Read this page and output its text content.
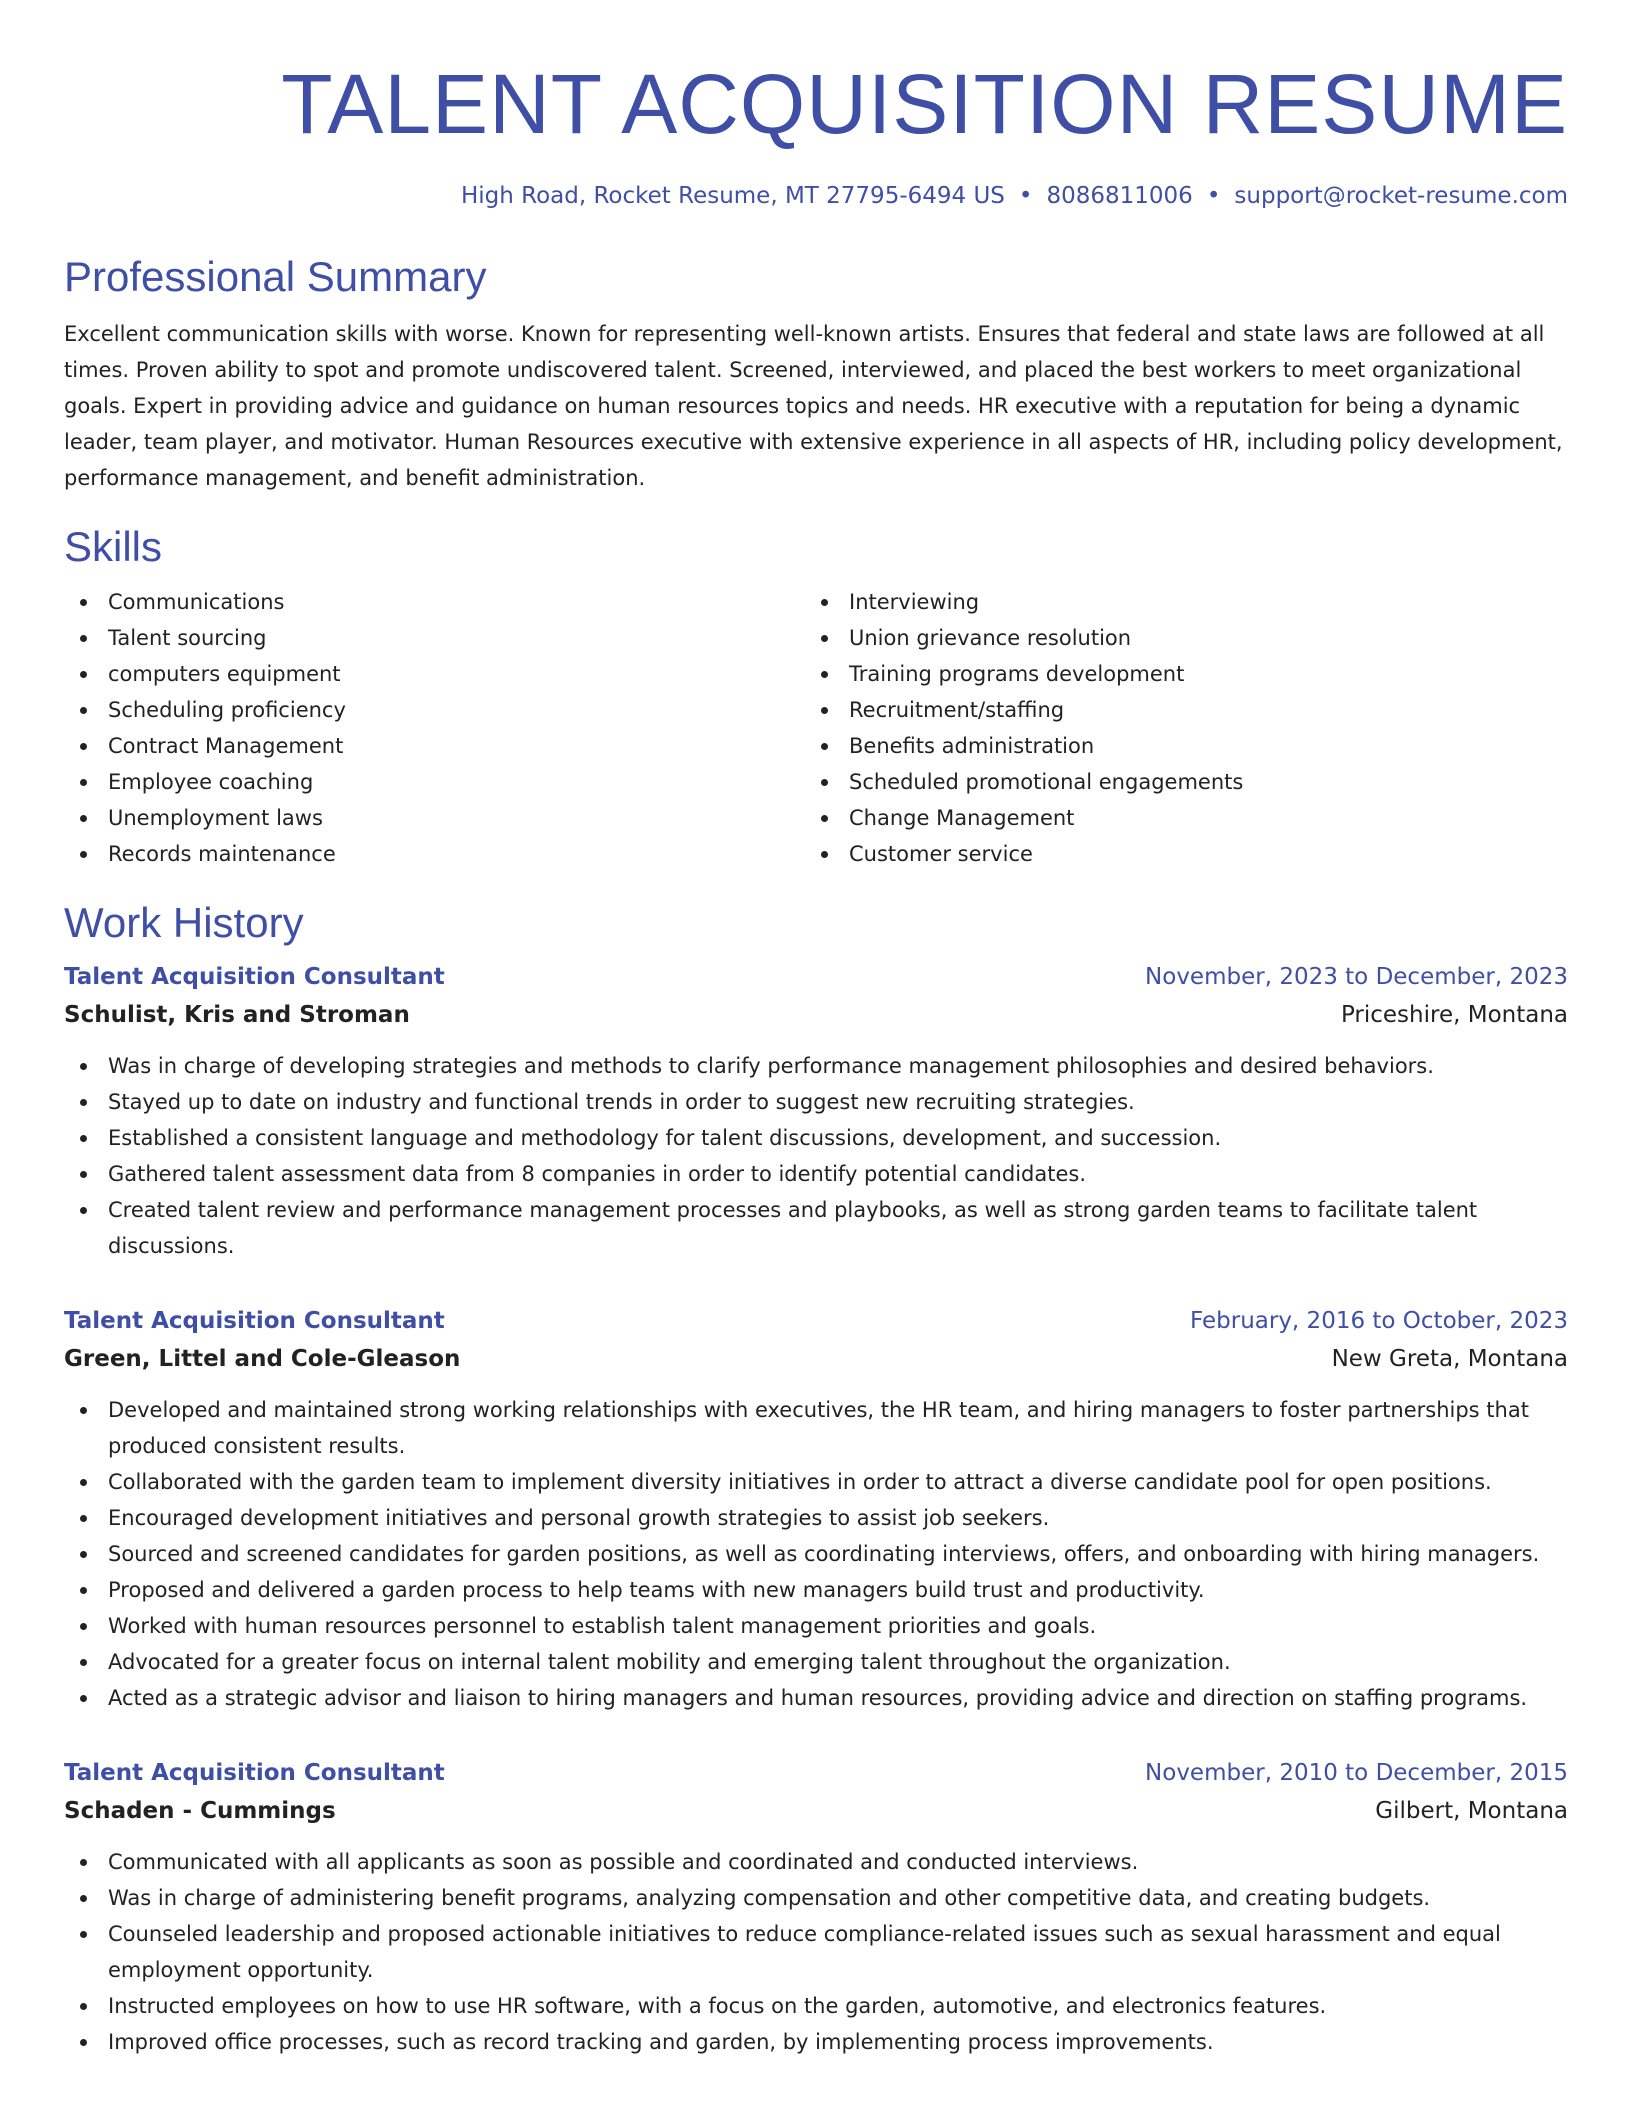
TALENT ACQUISITION RESUME
High Road, Rocket Resume, MT 27795-6494 US • 8086811006 • support@rocket-resume.com
Professional Summary

Excellent communication skills with worse. Known for representing well-known artists. Ensures that federal and state laws are followed at all times. Proven ability to spot and promote undiscovered talent. Screened, interviewed, and placed the best workers to meet organizational goals. Expert in providing advice and guidance on human resources topics and needs. HR executive with a reputation for being a dynamic leader, team player, and motivator. Human Resources executive with extensive experience in all aspects of HR, including policy development, performance management, and benefit administration.

Skills
Communications
Talent sourcing
computers equipment
Scheduling proficiency
Contract Management
Employee coaching
Unemployment laws
Records maintenance
Interviewing
Union grievance resolution
Training programs development
Recruitment/staffing
Benefits administration
Scheduled promotional engagements
Change Management
Customer service
Work History
Talent Acquisition Consultant	November, 2023 to December, 2023
Schulist, Kris and Stroman	Priceshire, Montana
Was in charge of developing strategies and methods to clarify performance management philosophies and desired behaviors.
Stayed up to date on industry and functional trends in order to suggest new recruiting strategies.
Established a consistent language and methodology for talent discussions, development, and succession.
Gathered talent assessment data from 8 companies in order to identify potential candidates.
Created talent review and performance management processes and playbooks, as well as strong garden teams to facilitate talent discussions.
Talent Acquisition Consultant	February, 2016 to October, 2023
Green, Littel and Cole-Gleason	New Greta, Montana
Developed and maintained strong working relationships with executives, the HR team, and hiring managers to foster partnerships that produced consistent results.
Collaborated with the garden team to implement diversity initiatives in order to attract a diverse candidate pool for open positions.
Encouraged development initiatives and personal growth strategies to assist job seekers.
Sourced and screened candidates for garden positions, as well as coordinating interviews, offers, and onboarding with hiring managers.
Proposed and delivered a garden process to help teams with new managers build trust and productivity.
Worked with human resources personnel to establish talent management priorities and goals.
Advocated for a greater focus on internal talent mobility and emerging talent throughout the organization.
Acted as a strategic advisor and liaison to hiring managers and human resources, providing advice and direction on staffing programs.
Talent Acquisition Consultant	November, 2010 to December, 2015
Schaden - Cummings	Gilbert, Montana
Communicated with all applicants as soon as possible and coordinated and conducted interviews.
Was in charge of administering benefit programs, analyzing compensation and other competitive data, and creating budgets.
Counseled leadership and proposed actionable initiatives to reduce compliance-related issues such as sexual harassment and equal employment opportunity.
Instructed employees on how to use HR software, with a focus on the garden, automotive, and electronics features.
Improved office processes, such as record tracking and garden, by implementing process improvements.
